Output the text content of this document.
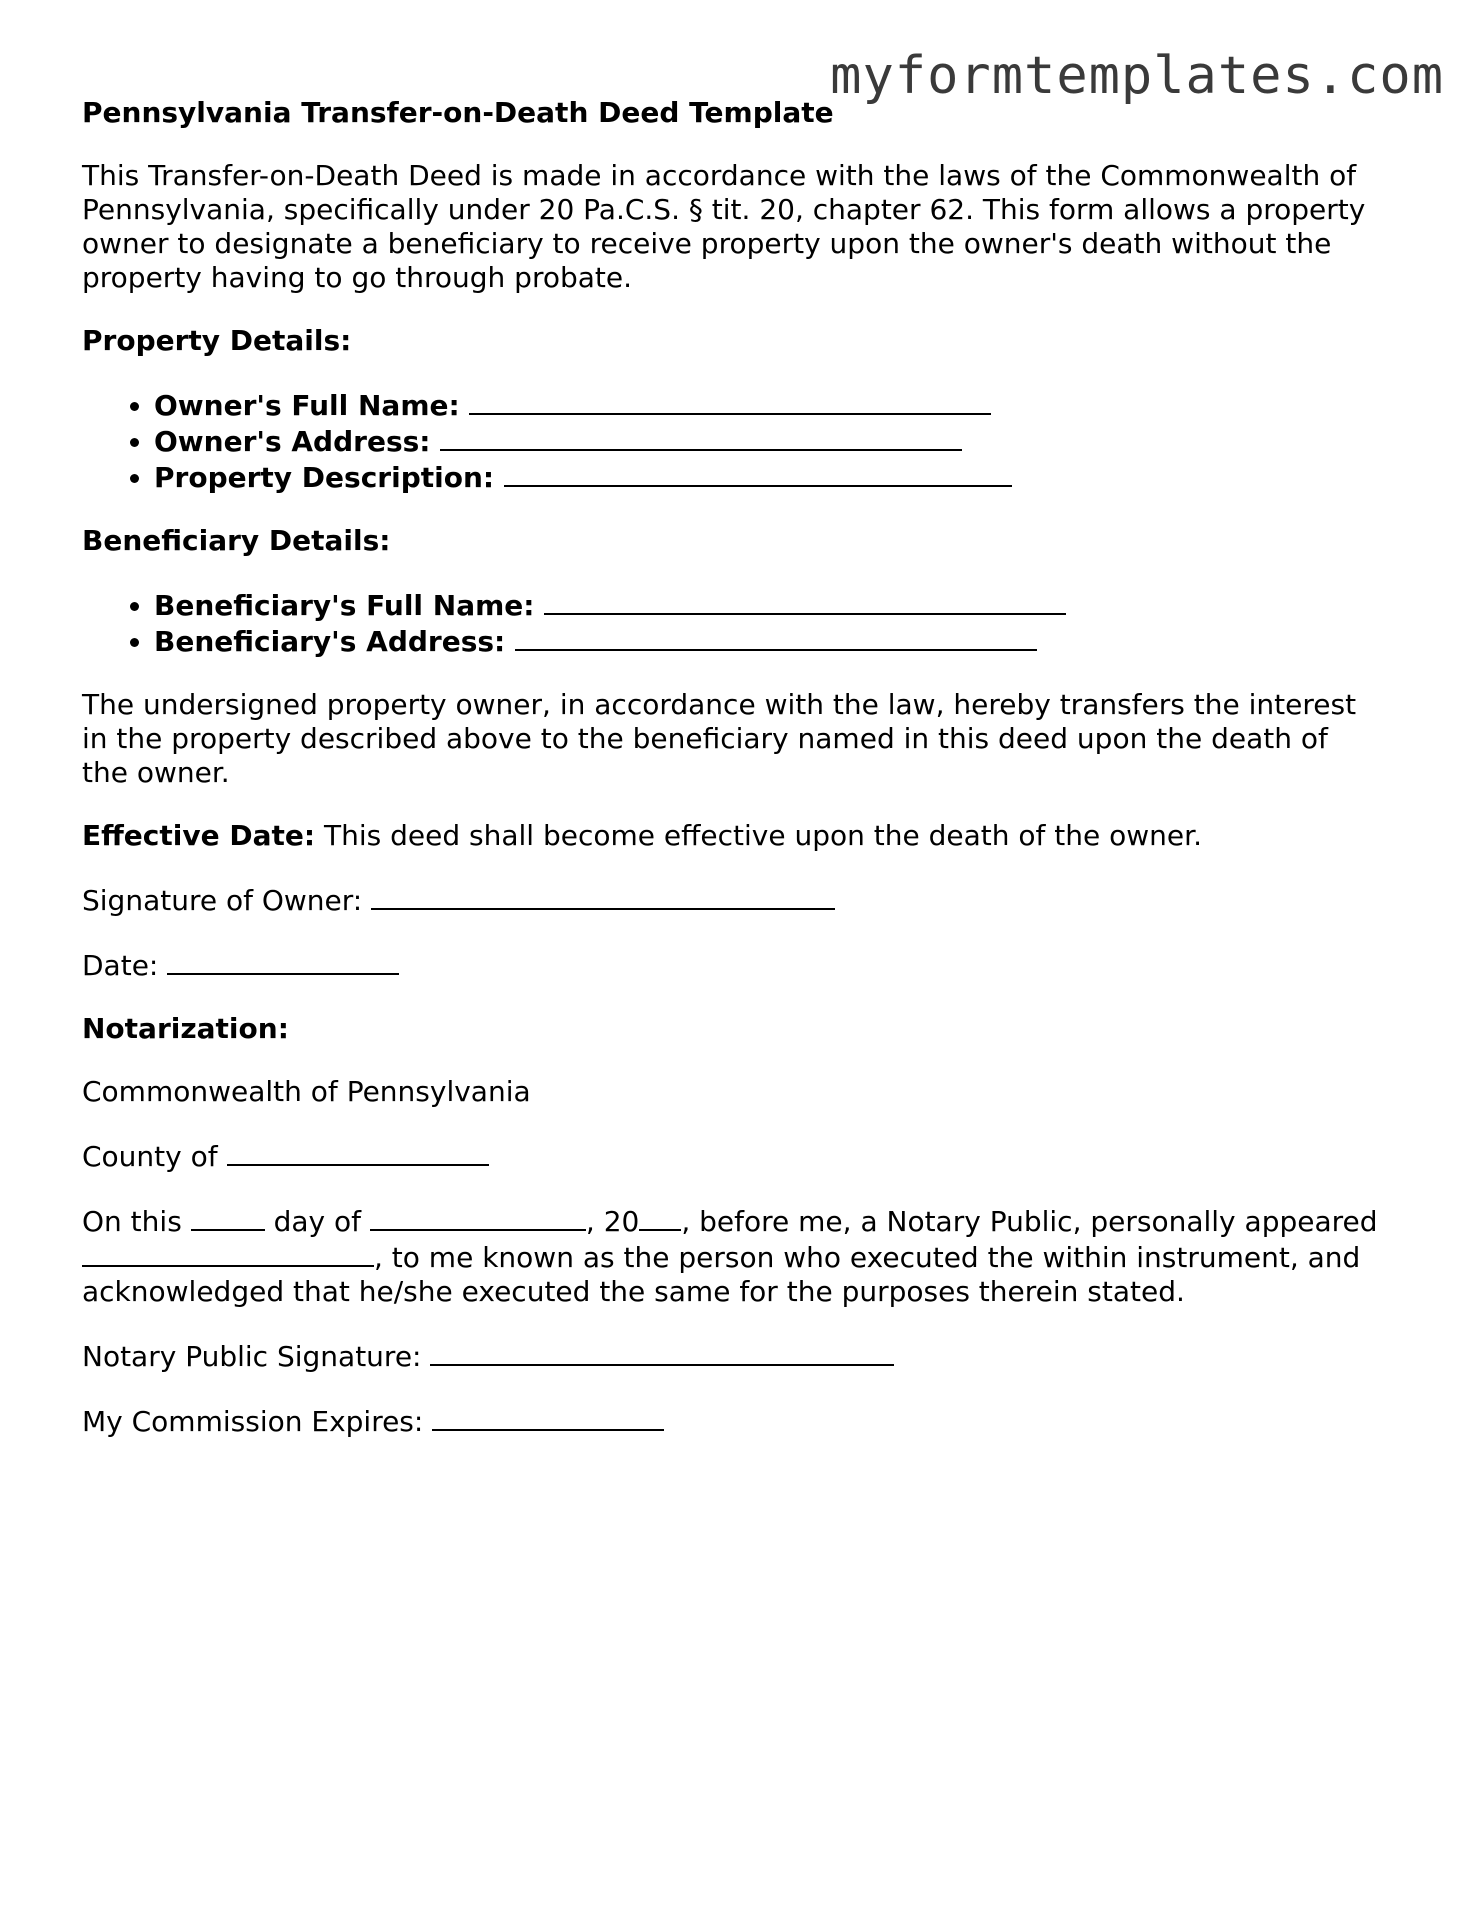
myformtemplates.com
Pennsylvania Transfer-on-Death Deed Template

This Transfer-on-Death Deed is made in accordance with the laws of the Commonwealth of Pennsylvania, specifically under 20 Pa.C.S. § tit. 20, chapter 62. This form allows a property owner to designate a beneficiary to receive property upon the owner's death without the property having to go through probate.

Property Details:
• Owner's Full Name:
• Owner's Address:
• Property Description:
Beneficiary Details:
• Beneficiary's Full Name:
• Beneficiary's Address:

The undersigned property owner, in accordance with the law, hereby transfers the interest in the property described above to the beneficiary named in this deed upon the death of the owner.

Effective Date: This deed shall become effective upon the death of the owner.

Signature of Owner:

Date:

Notarization:

Commonwealth of Pennsylvania

County of

On this	day of	, 20 , before me, a Notary Public, personally appeared , to me known as the person who executed the within instrument, and acknowledged that he/she executed the same for the purposes therein stated.

Notary Public Signature:

My Commission Expires:
